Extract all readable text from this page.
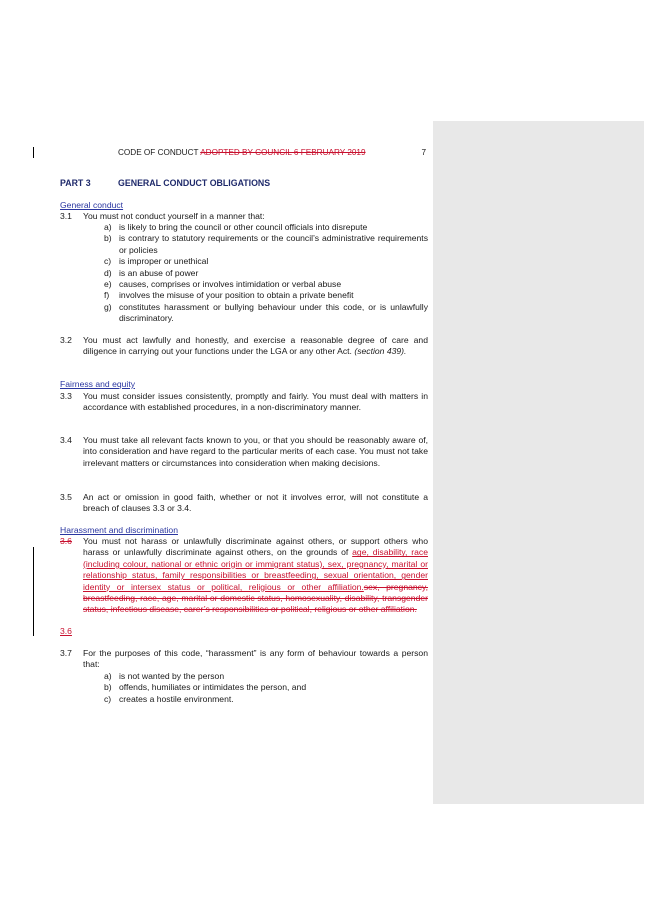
CODE OF CONDUCT ADOPTED BY COUNCIL 6 FEBRUARY 2019	7
PART 3	GENERAL CONDUCT OBLIGATIONS
General conduct
3.1 You must not conduct yourself in a manner that:
a) is likely to bring the council or other council officials into disrepute
b) is contrary to statutory requirements or the council’s administrative requirements or policies
c) is improper or unethical
d) is an abuse of power
e) causes, comprises or involves intimidation or verbal abuse
f) involves the misuse of your position to obtain a private benefit
g) constitutes harassment or bullying behaviour under this code, or is unlawfully discriminatory.
3.2 You must act lawfully and honestly, and exercise a reasonable degree of care and diligence in carrying out your functions under the LGA or any other Act. (section 439).
Fairness and equity
3.3 You must consider issues consistently, promptly and fairly. You must deal with matters in accordance with established procedures, in a non-discriminatory manner.
3.4 You must take all relevant facts known to you, or that you should be reasonably aware of, into consideration and have regard to the particular merits of each case. You must not take irrelevant matters or circumstances into consideration when making decisions.
3.5 An act or omission in good faith, whether or not it involves error, will not constitute a breach of clauses 3.3 or 3.4.
Harassment and discrimination
3.6 You must not harass or unlawfully discriminate against others, or support others who harass or unlawfully discriminate against others, on the grounds of age, disability, race (including colour, national or ethnic origin or immigrant status), sex, pregnancy, marital or relationship status, family responsibilities or breastfeeding, sexual orientation, gender identity or intersex status or political, religious or other affiliation.sex, pregnancy, breastfeeding, race, age, marital or domestic status, homosexuality, disability, transgender status, infectious disease, carer’s responsibilities or political, religious or other affiliation.
3.6
3.7 For the purposes of this code, “harassment” is any form of behaviour towards a person that:
a) is not wanted by the person
b) offends, humiliates or intimidates the person, and
c) creates a hostile environment.
